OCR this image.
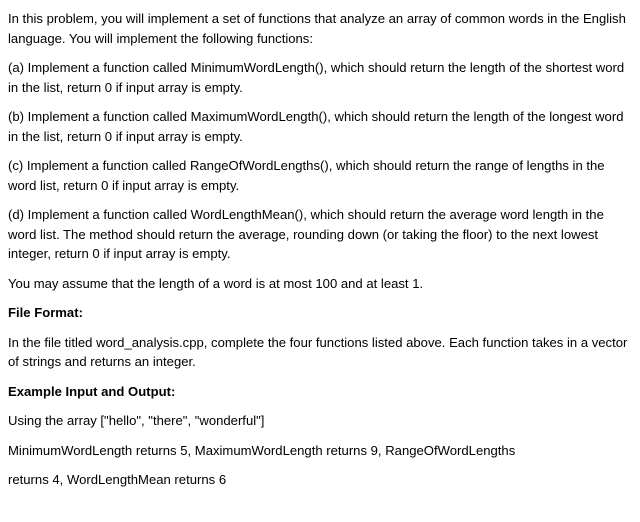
In this problem, you will implement a set of functions that analyze an array of common words in the English language. You will implement the following functions:

(a) Implement a function called MinimumWordLength(), which should return the length of the shortest word in the list, return 0 if input array is empty.

(b) Implement a function called MaximumWordLength(), which should return the length of the longest word in the list, return 0 if input array is empty.

(c) Implement a function called RangeOfWordLengths(), which should return the range of lengths in the word list, return 0 if input array is empty.

(d) Implement a function called WordLengthMean(), which should return the average word length in the word list. The method should return the average, rounding down (or taking the floor) to the next lowest integer, return 0 if input array is empty.

You may assume that the length of a word is at most 100 and at least 1.

File Format:

In the file titled word_analysis.cpp, complete the four functions listed above. Each function takes in a vector of strings and returns an integer.

Example Input and Output:

Using the array ["hello", "there", "wonderful"]

MinimumWordLength returns 5, MaximumWordLength returns 9, RangeOfWordLengths

returns 4, WordLengthMean returns 6
